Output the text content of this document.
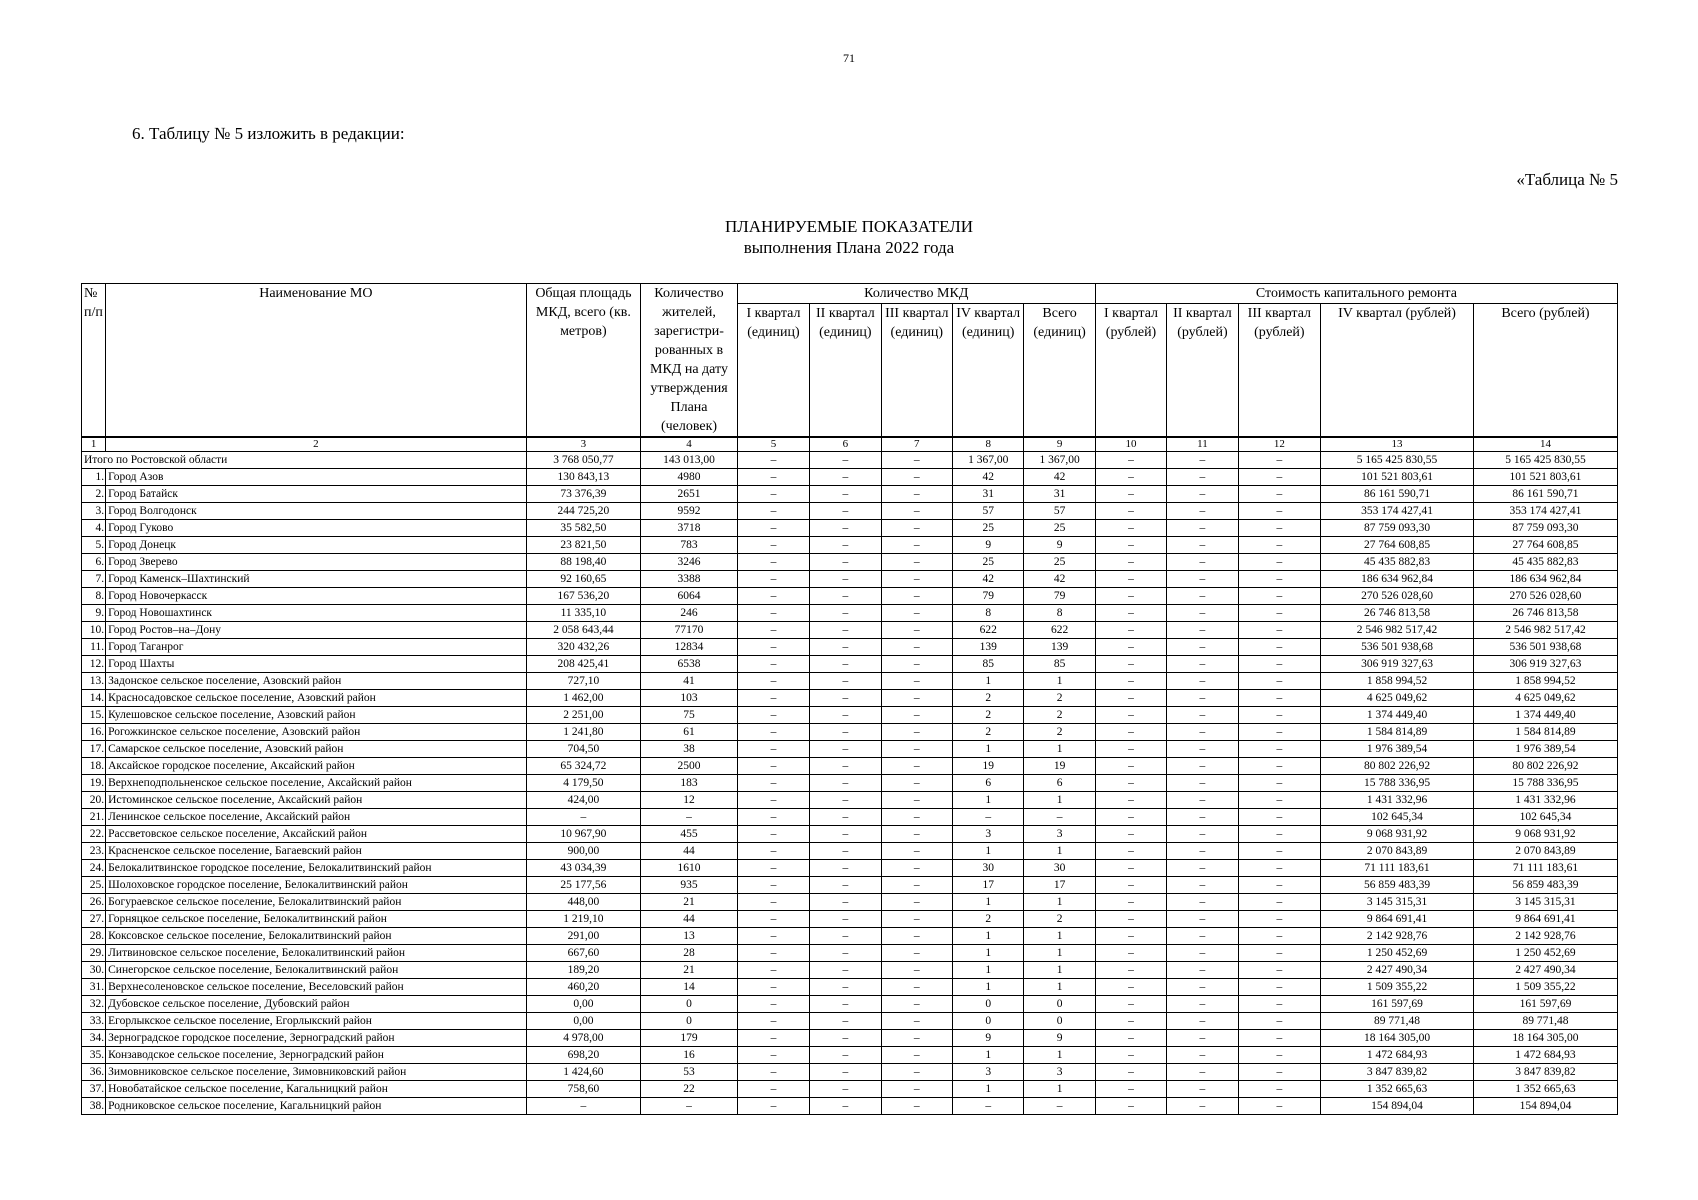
71
6. Таблицу № 5 изложить в редакции:
«Таблица № 5
ПЛАНИРУЕМЫЕ ПОКАЗАТЕЛИ
выполнения Плана 2022 года
№ п/п	Наименование МО	Общая площадь МКД, всего (кв. метров)	Количество жителей, зарегистри- рованных в МКД на дату утверждения Плана (человек)	Количество МКД					Стоимость капитального ремонта				
				I квартал (единиц)	II квартал (единиц)	III квартал (единиц)	IV квартал (единиц)	Всего (единиц)	I квартал (рублей)	II квартал (рублей)	III квартал (рублей)	IV квартал (рублей)	Всего (рублей)
1	2	3	4	5	6	7	8	9	10	11	12	13	14
Итого по Ростовской области		3 768 050,77	143 013,00	–	–	–	1 367,00	1 367,00	–	–	–	5 165 425 830,55	5 165 425 830,55
1.	Город Азов	130 843,13	4980	–	–	–	42	42	–	–	–	101 521 803,61	101 521 803,61
2.	Город Батайск	73 376,39	2651	–	–	–	31	31	–	–	–	86 161 590,71	86 161 590,71
3.	Город Волгодонск	244 725,20	9592	–	–	–	57	57	–	–	–	353 174 427,41	353 174 427,41
4.	Город Гуково	35 582,50	3718	–	–	–	25	25	–	–	–	87 759 093,30	87 759 093,30
5.	Город Донецк	23 821,50	783	–	–	–	9	9	–	–	–	27 764 608,85	27 764 608,85
6.	Город Зверево	88 198,40	3246	–	–	–	25	25	–	–	–	45 435 882,83	45 435 882,83
7.	Город Каменск–Шахтинский	92 160,65	3388	–	–	–	42	42	–	–	–	186 634 962,84	186 634 962,84
8.	Город Новочеркасск	167 536,20	6064	–	–	–	79	79	–	–	–	270 526 028,60	270 526 028,60
9.	Город Новошахтинск	11 335,10	246	–	–	–	8	8	–	–	–	26 746 813,58	26 746 813,58
10.	Город Ростов–на–Дону	2 058 643,44	77170	–	–	–	622	622	–	–	–	2 546 982 517,42	2 546 982 517,42
11.	Город Таганрог	320 432,26	12834	–	–	–	139	139	–	–	–	536 501 938,68	536 501 938,68
12.	Город Шахты	208 425,41	6538	–	–	–	85	85	–	–	–	306 919 327,63	306 919 327,63
13.	Задонское сельское поселение, Азовский район	727,10	41	–	–	–	1	1	–	–	–	1 858 994,52	1 858 994,52
14.	Красносадовское сельское поселение, Азовский район	1 462,00	103	–	–	–	2	2	–	–	–	4 625 049,62	4 625 049,62
15.	Кулешовское сельское поселение, Азовский район	2 251,00	75	–	–	–	2	2	–	–	–	1 374 449,40	1 374 449,40
16.	Рогожкинское сельское поселение, Азовский район	1 241,80	61	–	–	–	2	2	–	–	–	1 584 814,89	1 584 814,89
17.	Самарское сельское поселение, Азовский район	704,50	38	–	–	–	1	1	–	–	–	1 976 389,54	1 976 389,54
18.	Аксайское городское поселение, Аксайский район	65 324,72	2500	–	–	–	19	19	–	–	–	80 802 226,92	80 802 226,92
19.	Верхнеподпольненское сельское поселение, Аксайский район	4 179,50	183	–	–	–	6	6	–	–	–	15 788 336,95	15 788 336,95
20.	Истоминское сельское поселение, Аксайский район	424,00	12	–	–	–	1	1	–	–	–	1 431 332,96	1 431 332,96
21.	Ленинское сельское поселение, Аксайский район	–	–	–	–	–	–	–	–	–	–	102 645,34	102 645,34
22.	Рассветовское сельское поселение, Аксайский район	10 967,90	455	–	–	–	3	3	–	–	–	9 068 931,92	9 068 931,92
23.	Красненское сельское поселение, Багаевский район	900,00	44	–	–	–	1	1	–	–	–	2 070 843,89	2 070 843,89
24.	Белокалитвинское городское поселение, Белокалитвинский район	43 034,39	1610	–	–	–	30	30	–	–	–	71 111 183,61	71 111 183,61
25.	Шолоховское городское поселение, Белокалитвинский район	25 177,56	935	–	–	–	17	17	–	–	–	56 859 483,39	56 859 483,39
26.	Богураевское сельское поселение, Белокалитвинский район	448,00	21	–	–	–	1	1	–	–	–	3 145 315,31	3 145 315,31
27.	Горняцкое сельское поселение, Белокалитвинский район	1 219,10	44	–	–	–	2	2	–	–	–	9 864 691,41	9 864 691,41
28.	Коксовское сельское поселение, Белокалитвинский район	291,00	13	–	–	–	1	1	–	–	–	2 142 928,76	2 142 928,76
29.	Литвиновское сельское поселение, Белокалитвинский район	667,60	28	–	–	–	1	1	–	–	–	1 250 452,69	1 250 452,69
30.	Синегорское сельское поселение, Белокалитвинский район	189,20	21	–	–	–	1	1	–	–	–	2 427 490,34	2 427 490,34
31.	Верхнесоленовское сельское поселение, Веселовский район	460,20	14	–	–	–	1	1	–	–	–	1 509 355,22	1 509 355,22
32.	Дубовское сельское поселение, Дубовский район	0,00	0	–	–	–	0	0	–	–	–	161 597,69	161 597,69
33.	Егорлыкское сельское поселение, Егорлыкский район	0,00	0	–	–	–	0	0	–	–	–	89 771,48	89 771,48
34.	Зерноградское городское поселение, Зерноградский район	4 978,00	179	–	–	–	9	9	–	–	–	18 164 305,00	18 164 305,00
35.	Конзаводское сельское поселение, Зерноградский район	698,20	16	–	–	–	1	1	–	–	–	1 472 684,93	1 472 684,93
36.	Зимовниковское сельское поселение, Зимовниковский район	1 424,60	53	–	–	–	3	3	–	–	–	3 847 839,82	3 847 839,82
37.	Новобатайское сельское поселение, Кагальницкий район	758,60	22	–	–	–	1	1	–	–	–	1 352 665,63	1 352 665,63
38.	Родниковское сельское поселение, Кагальницкий район	–	–	–	–	–	–	–	–	–	–	154 894,04	154 894,04
